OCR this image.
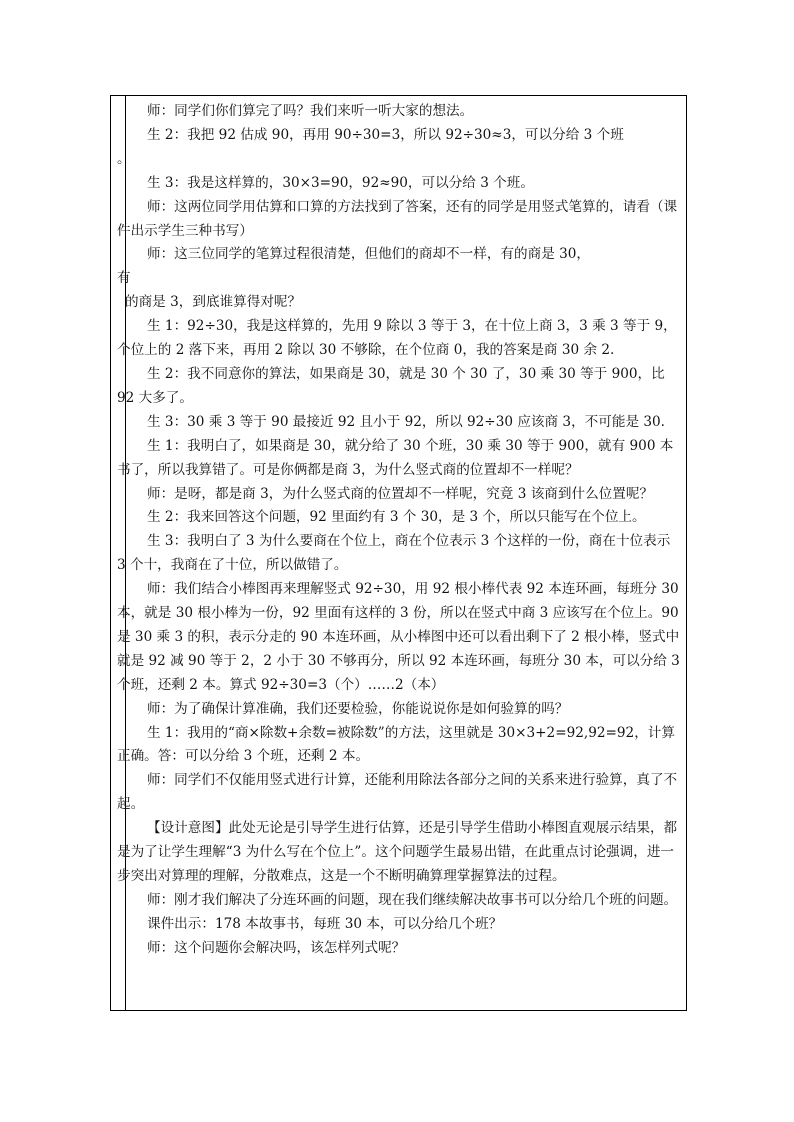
师：同学们你们算完了吗？我们来听一听大家的想法。

生 2：我把 92 估成 90，再用 90÷30=3，所以 92÷30≈3，可以分给 3 个班

。

生 3：我是这样算的，30×3=90，92≈90，可以分给 3 个班。

师：这两位同学用估算和口算的方法找到了答案，还有的同学是用竖式笔算的，请看（课件出示学生三种书写）

师：这三位同学的笔算过程很清楚，但他们的商却不一样，有的商是 30，

有

的商是 3，到底谁算得对呢？

生 1：92÷30，我是这样算的，先用 9 除以 3 等于 3，在十位上商 3，3 乘 3 等于 9，个位上的 2 落下来，再用 2 除以 30 不够除，在个位商 0，我的答案是商 30 余 2.

生 2：我不同意你的算法，如果商是 30，就是 30 个 30 了，30 乘 30 等于 900，比 92 大多了。

生 3：30 乘 3 等于 90 最接近 92 且小于 92，所以 92÷30 应该商 3，不可能是 30.

生 1：我明白了，如果商是 30，就分给了 30 个班，30 乘 30 等于 900，就有 900 本书了，所以我算错了。可是你俩都是商 3，为什么竖式商的位置却不一样呢？

师：是呀，都是商 3，为什么竖式商的位置却不一样呢，究竟 3 该商到什么位置呢？

生 2：我来回答这个问题，92 里面约有 3 个 30，是 3 个，所以只能写在个位上。

生 3：我明白了 3 为什么要商在个位上，商在个位表示 3 个这样的一份，商在十位表示 3 个十，我商在了十位，所以做错了。

师：我们结合小棒图再来理解竖式 92÷30，用 92 根小棒代表 92 本连环画，每班分 30 本，就是 30 根小棒为一份，92 里面有这样的 3 份，所以在竖式中商 3 应该写在个位上。90 是 30 乘 3 的积，表示分走的 90 本连环画，从小棒图中还可以看出剩下了 2 根小棒，竖式中就是 92 减 90 等于 2，2 小于 30 不够再分，所以 92 本连环画，每班分 30 本，可以分给 3 个班，还剩 2 本。算式 92÷30=3（个）……2（本）

师：为了确保计算准确，我们还要检验，你能说说你是如何验算的吗？

生 1：我用的“商×除数+余数=被除数”的方法，这里就是 30×3+2=92,92=92，计算正确。答：可以分给 3 个班，还剩 2 本。

师：同学们不仅能用竖式进行计算，还能利用除法各部分之间的关系来进行验算，真了不起。

【设计意图】此处无论是引导学生进行估算，还是引导学生借助小棒图直观展示结果，都是为了让学生理解“3 为什么写在个位上”。这个问题学生最易出错，在此重点讨论强调，进一步突出对算理的理解，分散难点，这是一个不断明确算理掌握算法的过程。

师：刚才我们解决了分连环画的问题，现在我们继续解决故事书可以分给几个班的问题。

课件出示：178 本故事书，每班 30 本，可以分给几个班？

师：这个问题你会解决吗，该怎样列式呢？
